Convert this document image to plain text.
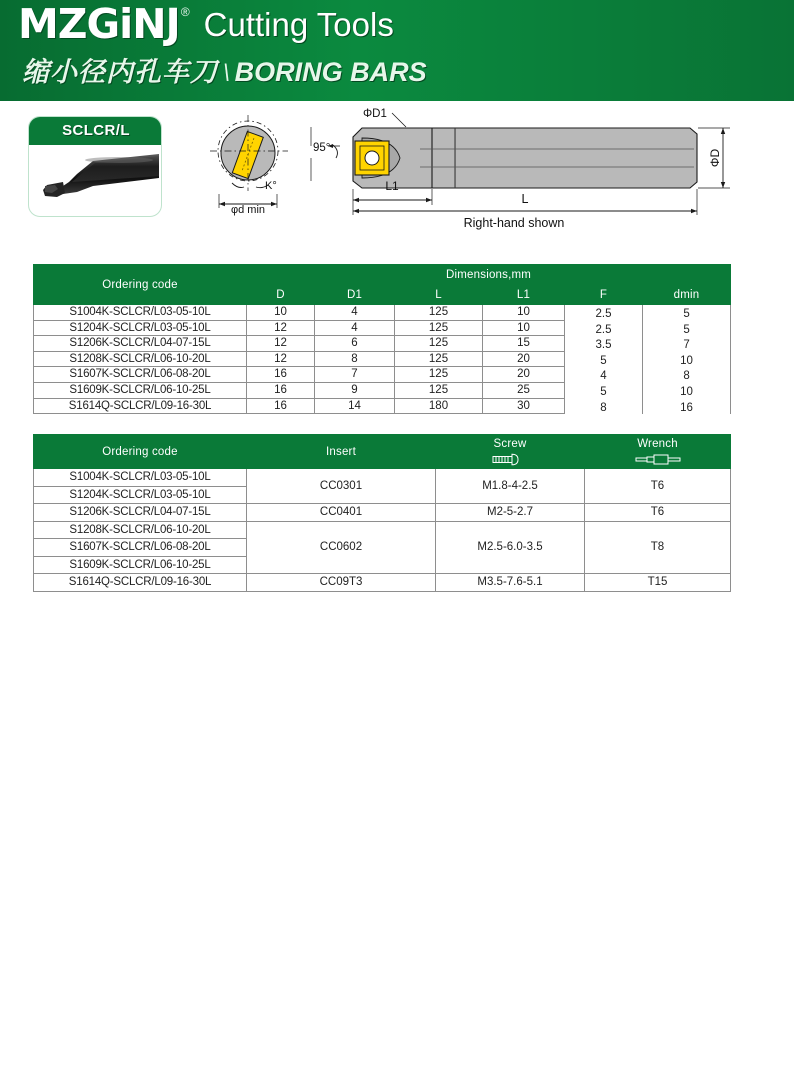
MZGiNJ ® Cutting Tools
缩小径内孔车刀 \ BORING BARS
SCLCR/L
φd min
K°
ΦD1
95°
L1
L
ΦD
Right-hand shown
Ordering code	Dimensions,mm					
	D	D1	L	L1	F	dmin
S1004K-SCLCR/L03-05-10L	10	4	125	10	2.5	5
S1204K-SCLCR/L03-05-10L	12	4	125	10	2.5	5
S1206K-SCLCR/L04-07-15L	12	6	125	15	3.5	7
S1208K-SCLCR/L06-10-20L	12	8	125	20	5	10
S1607K-SCLCR/L06-08-20L	16	7	125	20	4	8
S1609K-SCLCR/L06-10-25L	16	9	125	25	5	10
S1614Q-SCLCR/L09-16-30L	16	14	180	30	8	16
Ordering code	Insert	Screw	Wrench

S1004K-SCLCR/L03-05-10L	CC0301	M1.8-4-2.5	T6
S1204K-SCLCR/L03-05-10L			
S1206K-SCLCR/L04-07-15L	CC0401	M2-5-2.7	T6
S1208K-SCLCR/L06-10-20L	CC0602	M2.5-6.0-3.5	T8
S1607K-SCLCR/L06-08-20L			
S1609K-SCLCR/L06-10-25L			
S1614Q-SCLCR/L09-16-30L	CC09T3	M3.5-7.6-5.1	T15
